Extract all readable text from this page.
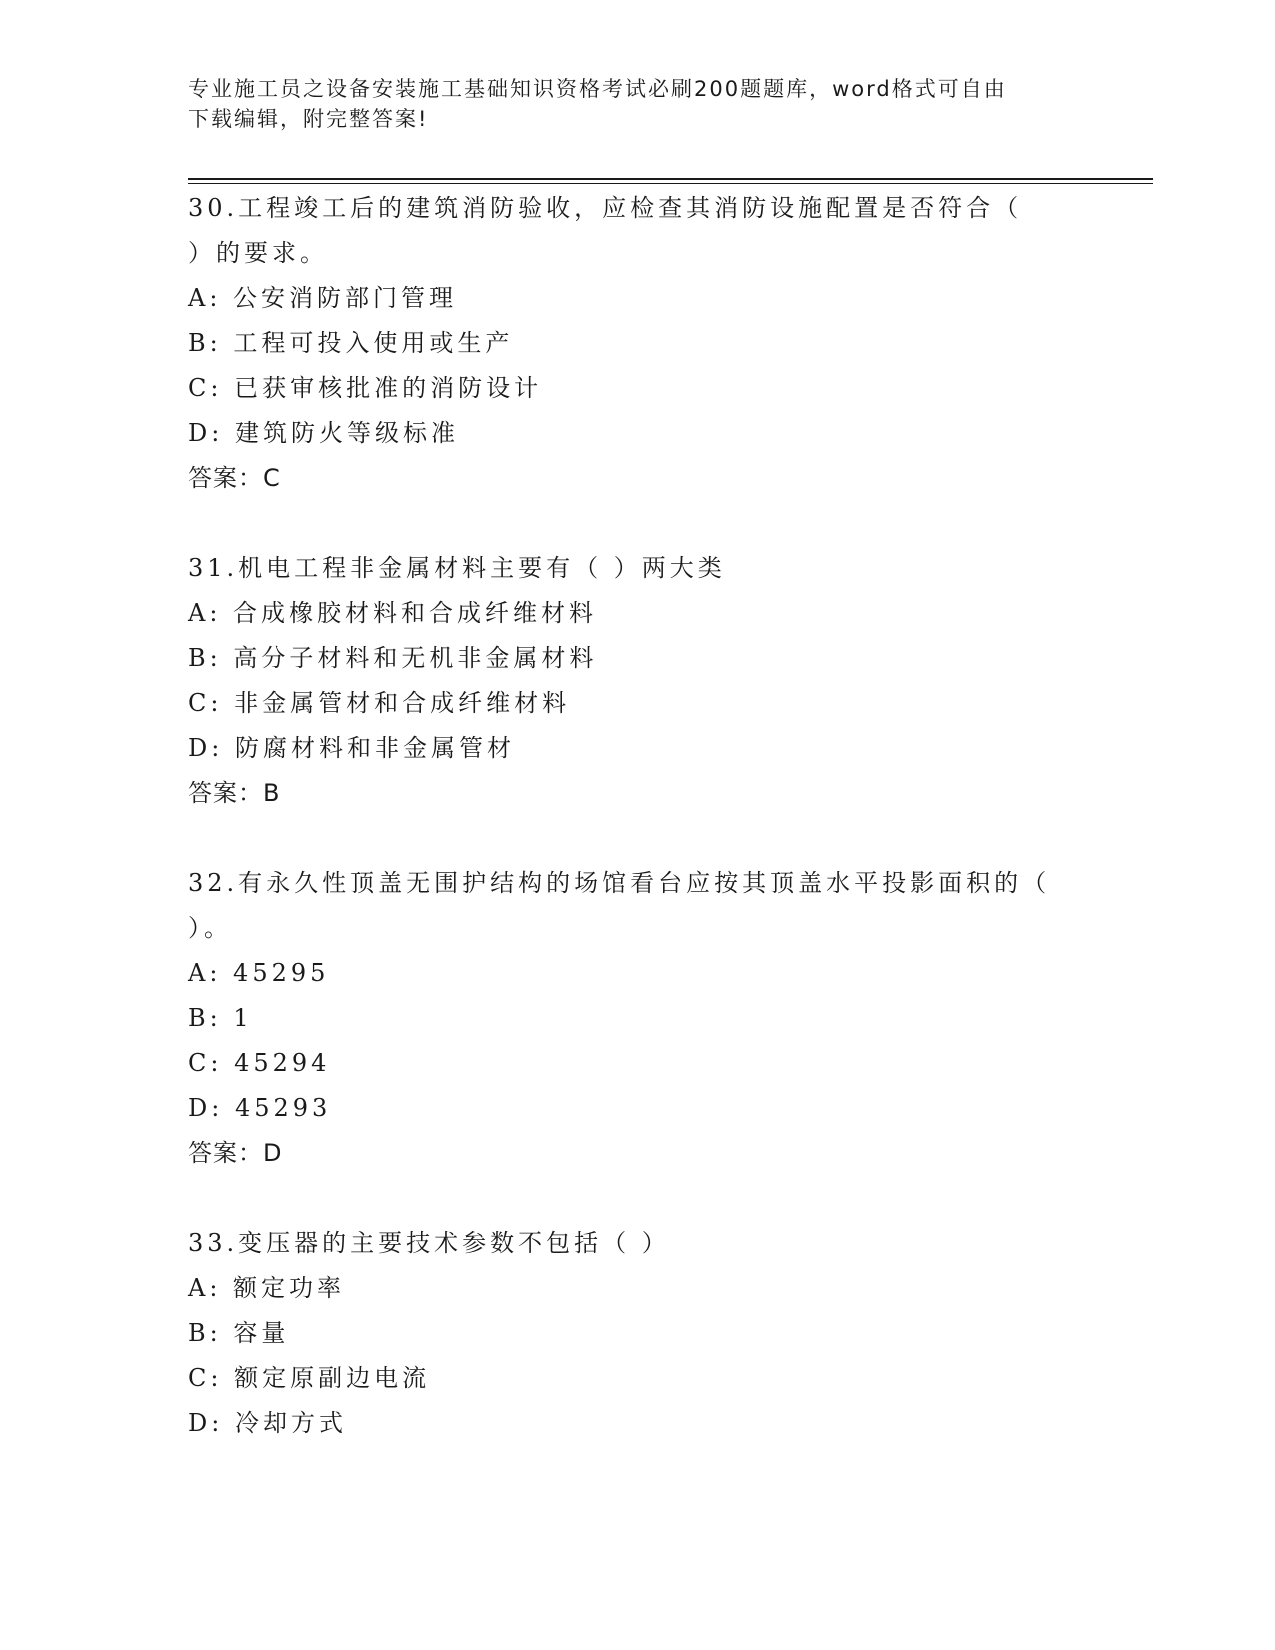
专业施工员之设备安装施工基础知识资格考试必刷200题题库，word格式可自由
下载编辑，附完整答案!
30.工程竣工后的建筑消防验收，应检查其消防设施配置是否符合（
）的要求。
A: 公安消防部门管理
B: 工程可投入使用或生产
C: 已获审核批准的消防设计
D: 建筑防火等级标准
答案：C
31.机电工程非金属材料主要有（ ）两大类
A: 合成橡胶材料和合成纤维材料
B: 高分子材料和无机非金属材料
C: 非金属管材和合成纤维材料
D: 防腐材料和非金属管材
答案：B
32.有永久性顶盖无围护结构的场馆看台应按其顶盖水平投影面积的（
）。
A: 45295
B: 1
C: 45294
D: 45293
答案：D
33.变压器的主要技术参数不包括（ ）
A: 额定功率
B: 容量
C: 额定原副边电流
D: 冷却方式
